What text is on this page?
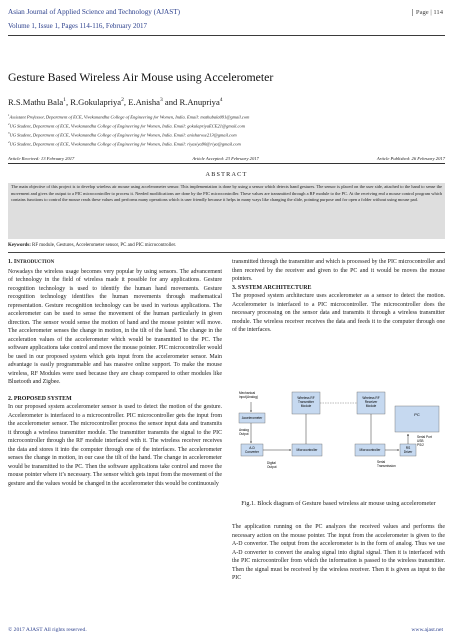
Asian Journal of Applied Science and Technology (AJAST)
Volume 1, Issue 1, Pages 114-116, February 2017
Page | 114
Gesture Based Wireless Air Mouse using Accelerometer
R.S.Mathu Bala$^1$, R.Gokulapriya$^2$, E.Anisha$^3$ and R.Anupriya$^4$
$^1$Assistant Professor, Department of ECE, Vivekanandha College of Engineering for Women, India. Email: mathubala091@gmail.com
$^2$UG Student, Department of ECE, Vivekanandha College of Engineering for Women, India. Email: gokulapriyaECE21@gmail.com
$^3$UG Student, Department of ECE, Vivekanandha College of Engineering for Women, India. Email: anisharose213@gmail.com
$^4$UG Student, Department of ECE, Vivekanandha College of Engineering for Women, India. Email: riyasiya90@riya@gmail.com
Article Received: 13 February 2017	Article Accepted: 23 February 2017	Article Published: 26 February 2017
ABSTRACT
The main objective of this project is to develop wireless air mouse using accelerometer sensor. This implementation is done by using a sensor which detects hand gestures. The sensor is placed on the user side, attached to the hand to sense the movement and gives the output to a PIC microcontroller to process it. Needed modifications are done by the PIC microcontroller. These values are transmitted through a RF module to the PC. At the receiving end a mouse control program which contains functions to control the mouse reads these values and performs many operations which is user friendly because it helps in many ways like changing the slide, pointing purpose and for open a folder without using mouse pad.
Keywords: RF module, Gestures, Accelerometer sensor, PC and PIC microcontroller.

1. INTRODUCTION

Nowadays the wireless usage becomes very popular by using sensors. The advancement of technology in the field of wireless made it possible for any applications. Gesture recognition technology is used to identify the human hand movements. Gesture recognition technology identifies the human movements through mathematical representation. Gesture recognition technology can be used in various applications. The accelerometer can be used to sense the movement of the human particularly in given direction. The sensor would sense the motion of hand and the mouse pointer will move. The accelerometer senses the change in motion, in the tilt of the hand. The change in the acceleration values of the accelerometer which would be transmitted to the PC. The software applications take control and move the mouse pointer. PIC microcontroller would be used in our proposed system which gets input from the accelerometer sensor. Main advantage is easily programmable and has massive online support. To make the mouse wireless, RF Modules were used because they are cheap compared to other modules like Bluetooth and Zigbee.

2. PROPOSED SYSTEM

In our proposed system accelerometer sensor is used to detect the motion of the gesture. Accelerometer is interfaced to a microcontroller. PIC microcontroller gets the input from the accelerometer sensor. The microcontroller process the sensor input data and transmits it through a wireless transmitter module. The transmitter transmits the signal to the PIC microcontroller through the RF module interfaced with it. The wireless receiver receives the data and stores it into the computer through one of the interfaces. The accelerometer senses the change in motion, in our case the tilt of the hand. The change in accelerometer would be transmitted to the PC. Then the software applications take control and move the mouse pointer where it’s necessary. The sensor which gets input from the movement of the gesture and the values would be changed in the accelerometer this would be continuously

transmitted through the transmitter and which is processed by the PIC microcontroller and then received by the receiver and given to the PC and it would be moves the mouse pointers.

3. SYSTEM ARCHITECTURE

The proposed system architecture uses accelerometer as a sensor to detect the motion. Accelerometer is interfaced to a PIC microcontroller. The microcontroller does the necessary processing on the sensor data and transmits it through a wireless transmitter module. The wireless receiver receives the data and feeds it to the computer through one of the interfaces.

Mechanical input(Analog)	Wireless RF Transmitter Module
Wireless RF Receiver Module
Accelerometer
Analog Output
A-D Converter	Microcontroller
Digital Output
Microcontroller
Serial Transmission
RS Driver
Serial Port USB PS/2
PC
Fig.1. Block diagram of Gesture based wireless air mouse using accelerometer
The application running on the PC analyzes the received values and performs the necessary action on the mouse pointer. The input from the accelerometer is given to the A-D convertor. The output from the accelerometer is in the form of analog. Thus we use A-D converter to convert the analog signal into digital signal. Then it is interfaced with the PIC microcontroller from which the information is passed to the wireless transmitter. Then the signal must be received by the wireless receiver. Then it is given as input to the PIC
© 2017 AJAST All rights reserved.	www.ajast.net
